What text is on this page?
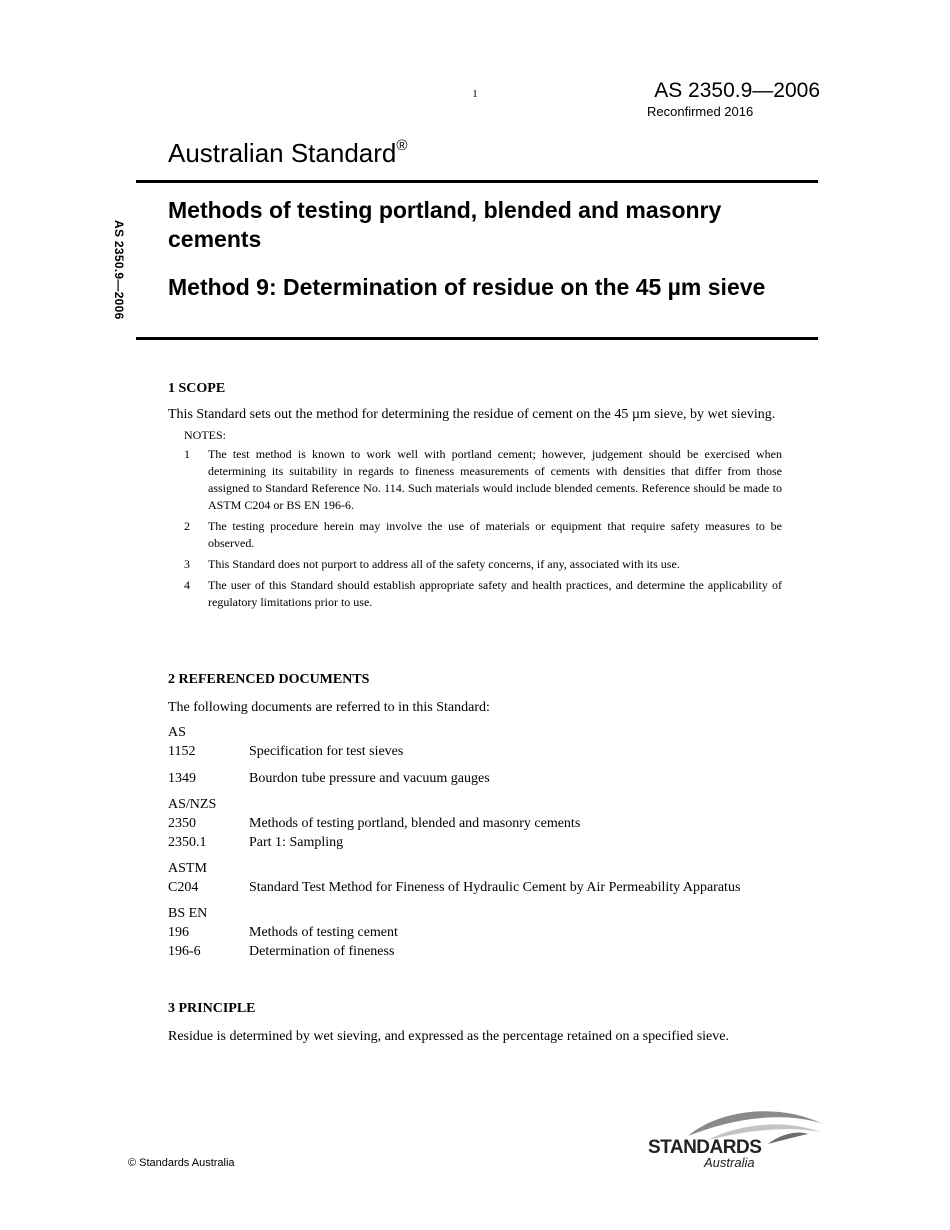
1	AS 2350.9—2006
Reconfirmed 2016
Australian Standard®
Methods of testing portland, blended and masonry cements
Method 9: Determination of residue on the 45 µm sieve
AS 2350.9—2006
1 SCOPE
This Standard sets out the method for determining the residue of cement on the 45 µm sieve, by wet sieving.
NOTES:
1	The test method is known to work well with portland cement; however, judgement should be exercised when determining its suitability in regards to fineness measurements of cements with densities that differ from those assigned to Standard Reference No. 114. Such materials would include blended cements. Reference should be made to ASTM C204 or BS EN 196-6.
2	The testing procedure herein may involve the use of materials or equipment that require safety measures to be observed.
3	This Standard does not purport to address all of the safety concerns, if any, associated with its use.
4	The user of this Standard should establish appropriate safety and health practices, and determine the applicability of regulatory limitations prior to use.
2 REFERENCED DOCUMENTS
The following documents are referred to in this Standard:
AS
1152	Specification for test sieves
1349	Bourdon tube pressure and vacuum gauges
AS/NZS
2350	Methods of testing portland, blended and masonry cements
2350.1	Part 1: Sampling
ASTM
C204	Standard Test Method for Fineness of Hydraulic Cement by Air Permeability Apparatus
BS EN
196	Methods of testing cement
196-6	Determination of fineness
3 PRINCIPLE
Residue is determined by wet sieving, and expressed as the percentage retained on a specified sieve.
© Standards Australia
STANDARDS
Australia
